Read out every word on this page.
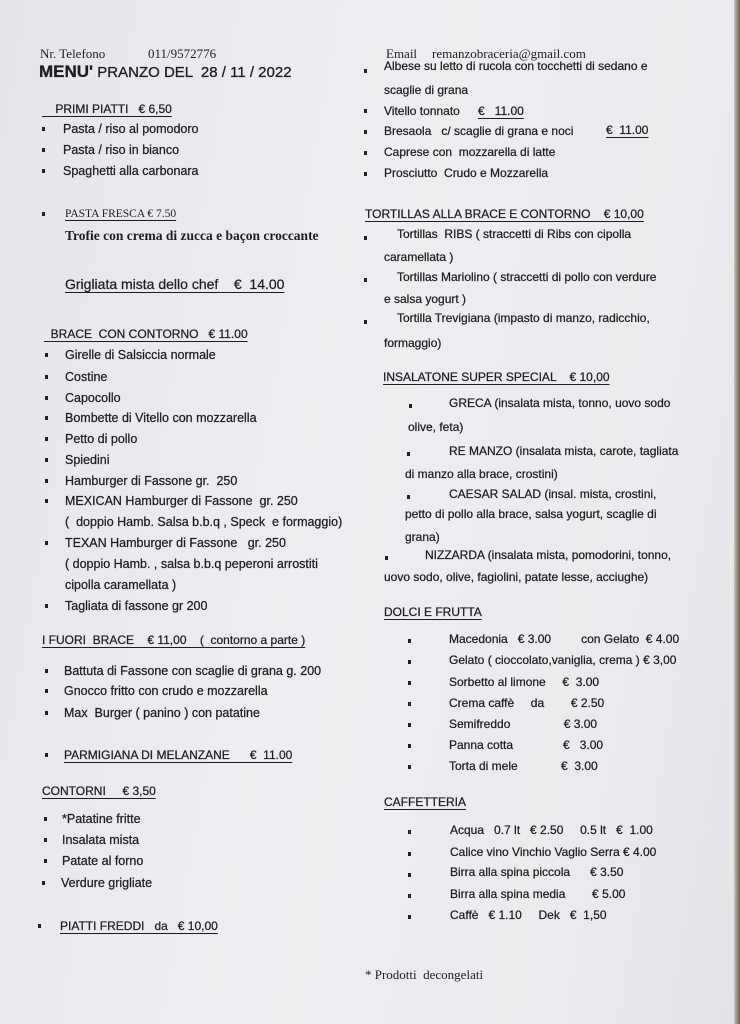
Nr. Telefono	011/9572776	Email remanzobraceria@gmail.com
MENU' PRANZO DEL  28 / 11 / 2022
PRIMI PIATTI   € 6,50
Pasta / riso al pomodoro
Pasta / riso in bianco
Spaghetti alla carbonara
PASTA FRESCA € 7.50
Trofie con crema di zucca e baçon croccante
Grigliata mista dello chef    €  14.00
BRACE  CON CONTORNO   € 11.00
Girelle di Salsiccia normale
Costine
Capocollo
Bombette di Vitello con mozzarella
Petto di pollo
Spiedini
Hamburger di Fassone gr.  250
MEXICAN Hamburger di Fassone  gr. 250
(  doppio Hamb. Salsa b.b.q , Speck  e formaggio)
TEXAN Hamburger di Fassone   gr. 250
( doppio Hamb. , salsa b.b.q peperoni arrostiti
cipolla caramellata )
Tagliata di fassone gr 200
I FUORI  BRACE    € 11,00    (  contorno a parte )
Battuta di Fassone con scaglie di grana g. 200
Gnocco fritto con crudo e mozzarella
Max  Burger ( panino ) con patatine
PARMIGIANA DI MELANZANE      €  11.00
CONTORNI     € 3,50
*Patatine fritte
Insalata mista
Patate al forno
Verdure grigliate
PIATTI FREDDI   da   € 10,00
Albese su letto di rucola con tocchetti di sedano e
scaglie di grana
Vitello tonnato €   11.00
Bresaola   c/ scaglie di grana e noci	€  11.00
Caprese con  mozzarella di latte
Prosciutto  Crudo e Mozzarella
TORTILLAS ALLA BRACE E CONTORNO    € 10,00
Tortillas  RIBS ( straccetti di Ribs con cipolla
caramellata )
Tortillas Mariolino ( straccetti di pollo con verdure
e salsa yogurt )
Tortilla Trevigiana (impasto di manzo, radicchio,
formaggio)
INSALATONE SUPER SPECIAL    € 10,00
GRECA (insalata mista, tonno, uovo sodo
olive, feta)
RE MANZO (insalata mista, carote, tagliata
di manzo alla brace, crostini)
CAESAR SALAD (insal. mista, crostini,
petto di pollo alla brace, salsa yogurt, scaglie di
grana)
NIZZARDA (insalata mista, pomodorini, tonno,
uovo sodo, olive, fagiolini, patate lesse, acciughe)
DOLCI E FRUTTA
Macedonia   € 3.00         con Gelato  € 4.00
Gelato ( cioccolato,vaniglia, crema ) € 3,00
Sorbetto al limone     €  3.00
Crema caffè     da        € 2.50
Semifreddo                € 3.00
Panna cotta               €   3.00
Torta di mele             €  3.00
CAFFETTERIA
Acqua   0.7 lt   € 2.50     0.5 lt   €  1.00
Calice vino Vinchio Vaglio Serra € 4.00
Birra alla spina piccola      € 3.50
Birra alla spina media        € 5.00
Caffè   € 1.10     Dek   €  1,50
* Prodotti  decongelati
